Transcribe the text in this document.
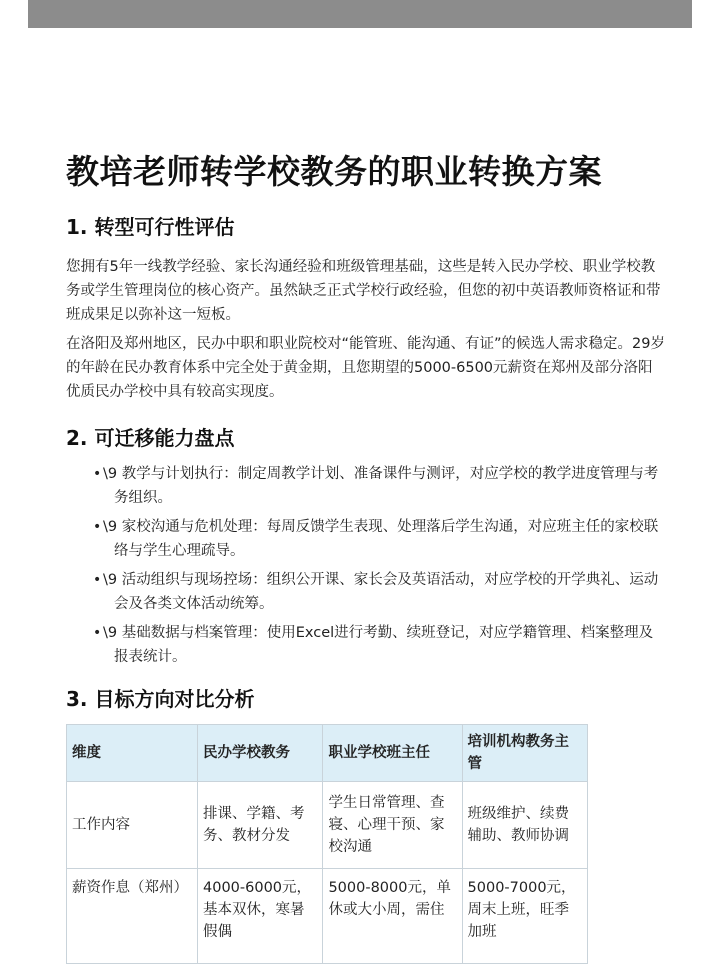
教培老师转学校教务的职业转换方案
1. 转型可行性评估

您拥有5年一线教学经验、家长沟通经验和班级管理基础，这些是转入民办学校、职业学校教务或学生管理岗位的核心资产。虽然缺乏正式学校行政经验，但您的初中英语教师资格证和带班成果足以弥补这一短板。

在洛阳及郑州地区，民办中职和职业院校对“能管班、能沟通、有证”的候选人需求稳定。29岁的年龄在民办教育体系中完全处于黄金期，且您期望的5000-6500元薪资在郑州及部分洛阳优质民办学校中具有较高实现度。

2. 可迁移能力盘点
• \9 教学与计划执行：制定周教学计划、准备课件与测评，对应学校的教学进度管理与考务组织。
• \9 家校沟通与危机处理：每周反馈学生表现、处理落后学生沟通，对应班主任的家校联络与学生心理疏导。
• \9 活动组织与现场控场：组织公开课、家长会及英语活动，对应学校的开学典礼、运动会及各类文体活动统筹。
• \9 基础数据与档案管理：使用Excel进行考勤、续班登记，对应学籍管理、档案整理及报表统计。
3. 目标方向对比分析
维度	民办学校教务	职业学校班主任	培训机构教务主管
工作内容	排课、学籍、考务、教材分发	学生日常管理、查寝、心理干预、家校沟通	班级维护、续费辅助、教师协调
薪资作息（郑州）	4000-6000元，基本双休，寒暑假偶	5000-8000元，单休或大小周，需住	5000-7000元，周末上班，旺季加班
